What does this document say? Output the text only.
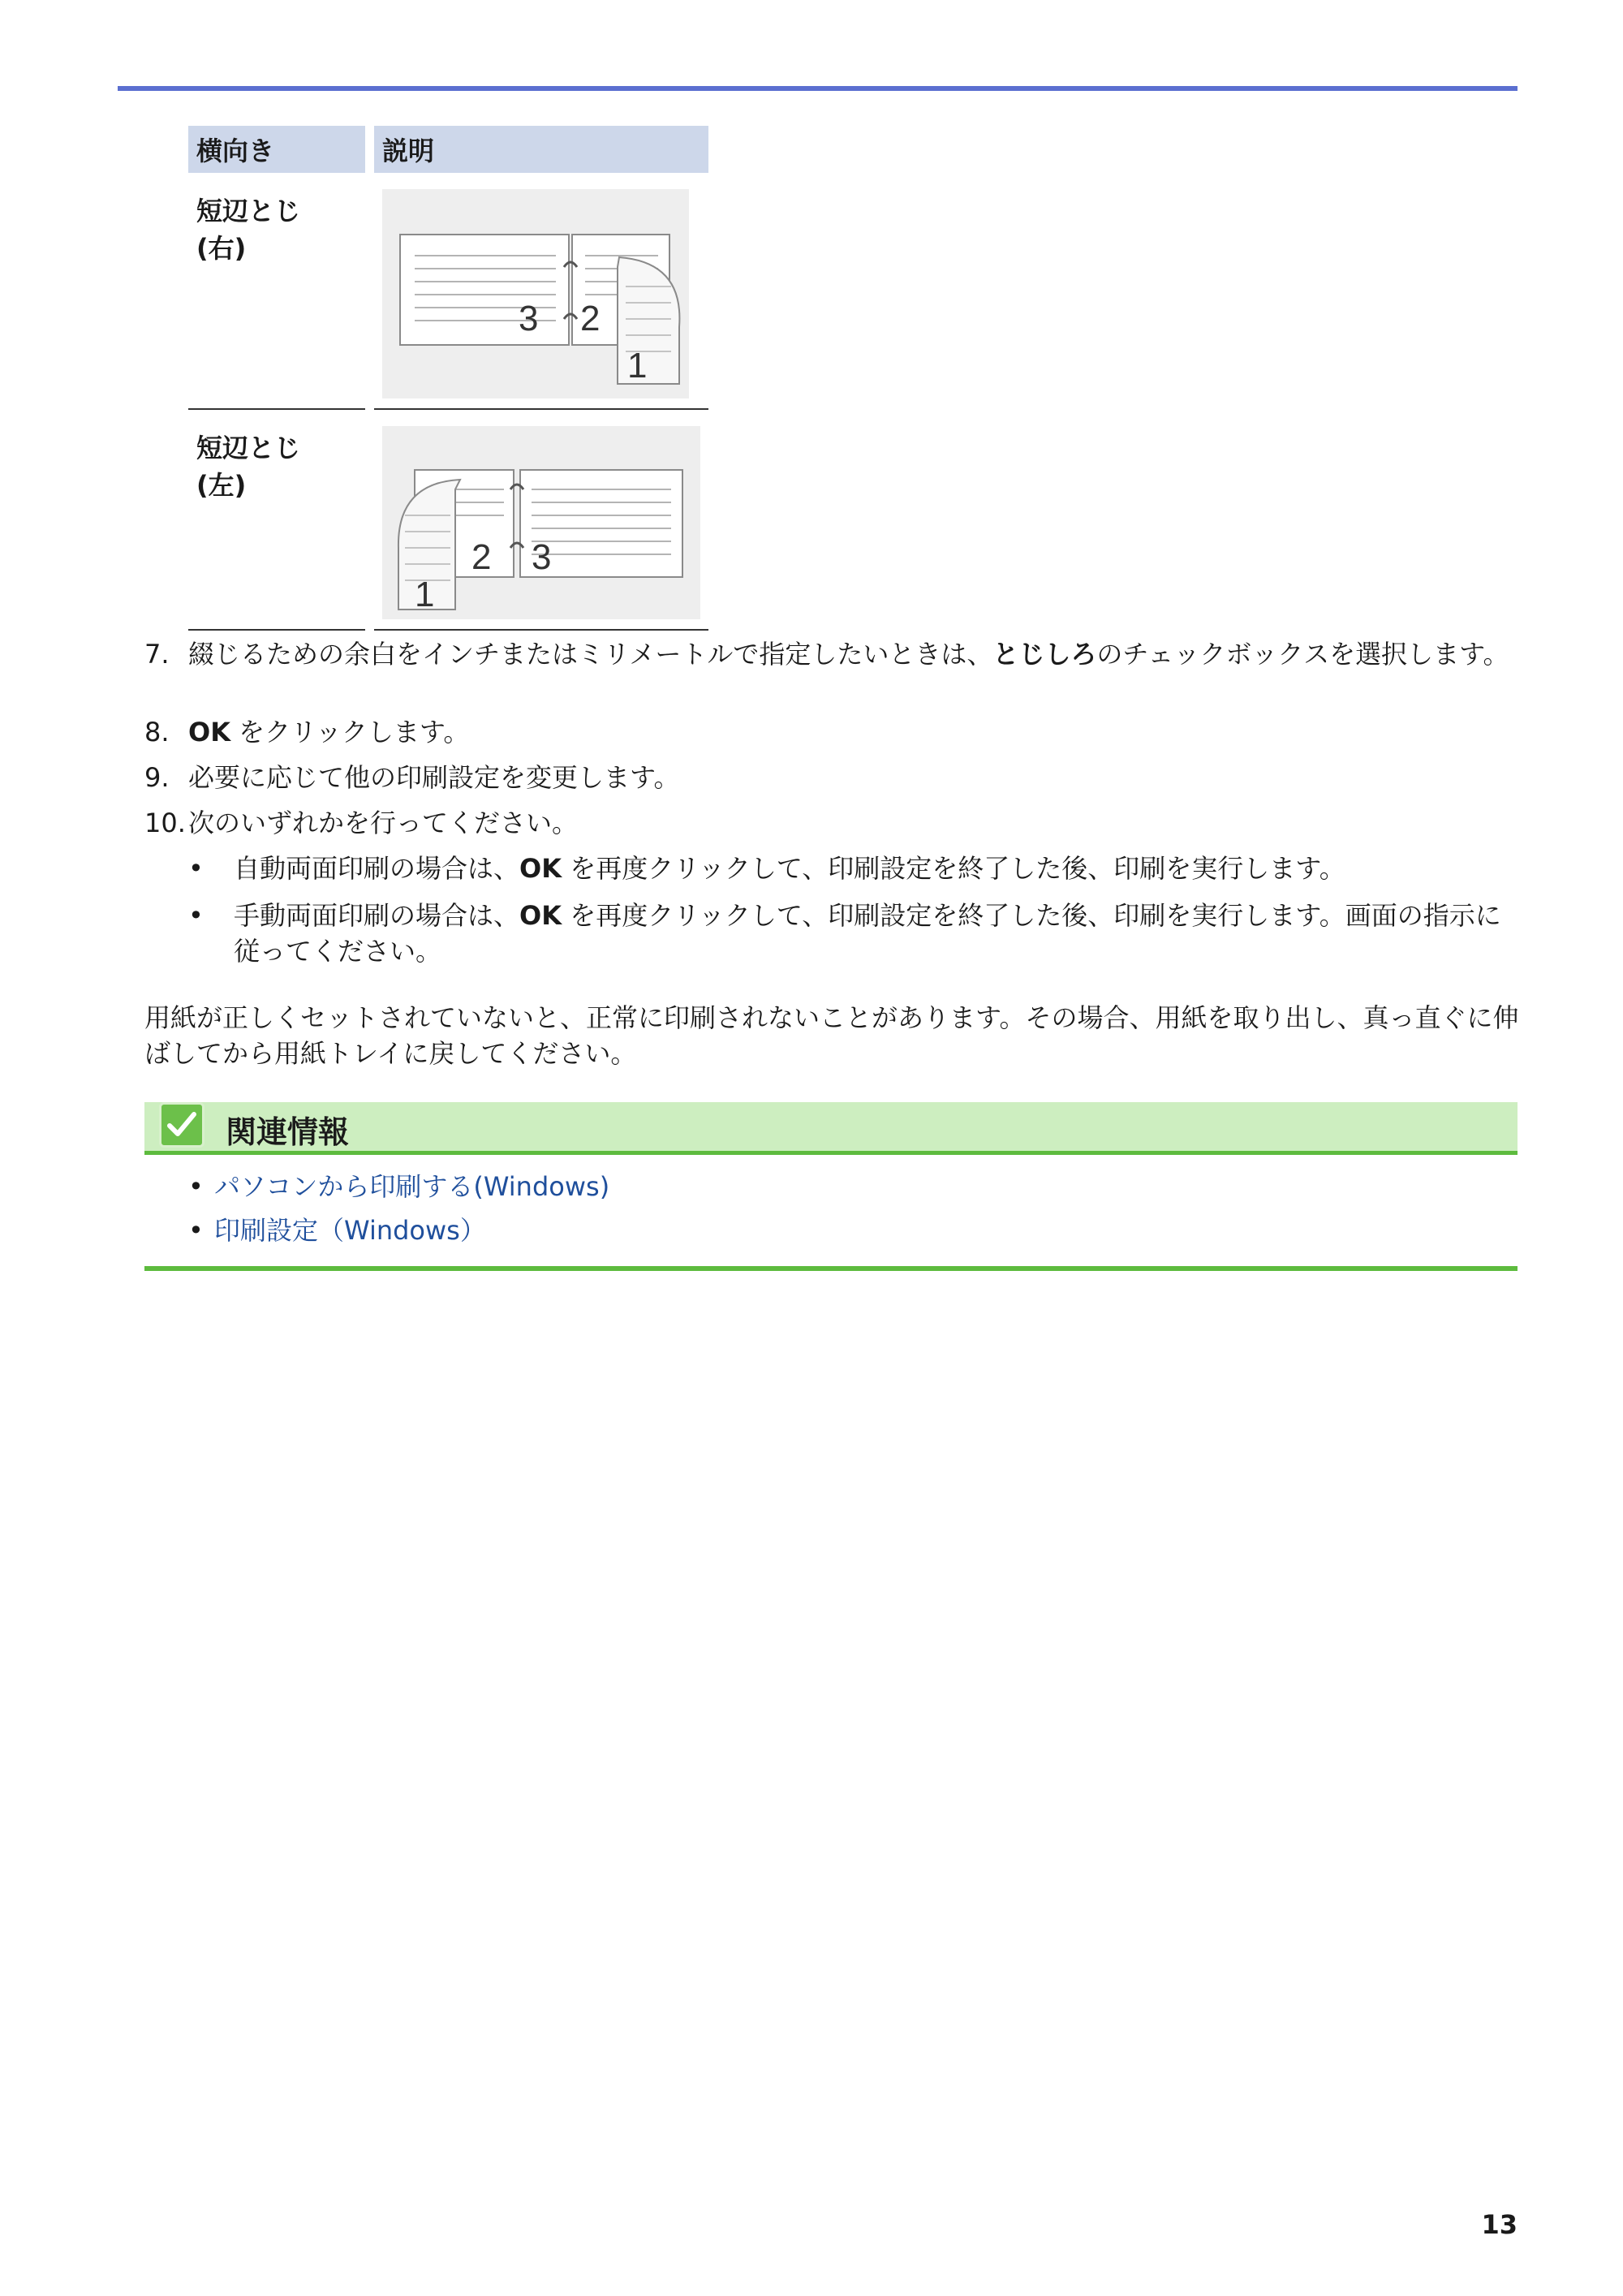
横向き	説明
短辺とじ (右)	3 2
1

短辺とじ (左)	2 3
1
7. 綴じるための余白をインチまたはミリメートルで指定したいときは、とじしろのチェックボックスを選択します。
8. OK をクリックします。
9. 必要に応じて他の印刷設定を変更します。
10. 次のいずれかを行ってください。
• 自動両面印刷の場合は、OK を再度クリックして、印刷設定を終了した後、印刷を実行します。
• 手動両面印刷の場合は、OK を再度クリックして、印刷設定を終了した後、印刷を実行します。画面の指示に従ってください。
用紙が正しくセットされていないと、正常に印刷されないことがあります。その場合、用紙を取り出し、真っ直ぐに伸ばしてから用紙トレイに戻してください。
関連情報
• パソコンから印刷する(Windows)
• 印刷設定（Windows）
13
